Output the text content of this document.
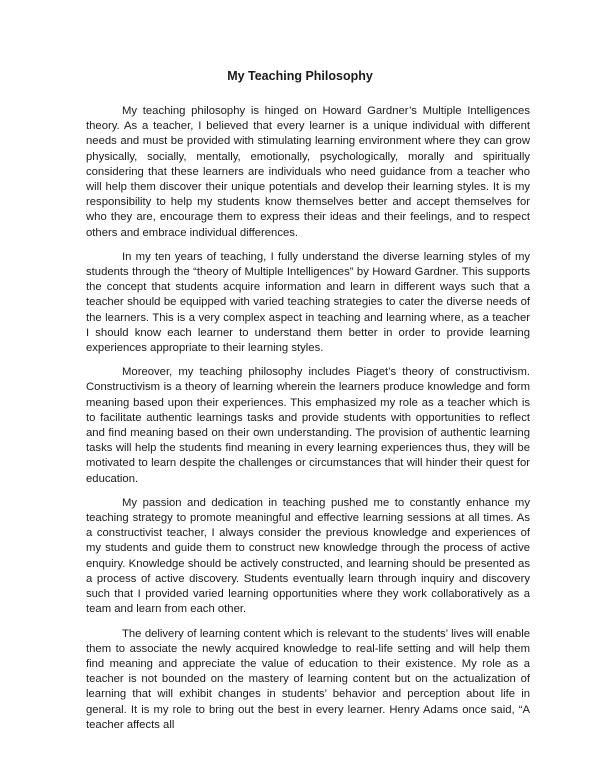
My Teaching Philosophy

My teaching philosophy is hinged on Howard Gardner’s Multiple Intelligences theory. As a teacher, I believed that every learner is a unique individual with different needs and must be provided with stimulating learning environment where they can grow physically, socially, mentally, emotionally, psychologically, morally and spiritually considering that these learners are individuals who need guidance from a teacher who will help them discover their unique potentials and develop their learning styles. It is my responsibility to help my students know themselves better and accept themselves for who they are, encourage them to express their ideas and their feelings, and to respect others and embrace individual differences.

In my ten years of teaching, I fully understand the diverse learning styles of my students through the “theory of Multiple Intelligences” by Howard Gardner. This supports the concept that students acquire information and learn in different ways such that a teacher should be equipped with varied teaching strategies to cater the diverse needs of the learners. This is a very complex aspect in teaching and learning where, as a teacher I should know each learner to understand them better in order to provide learning experiences appropriate to their learning styles.

Moreover, my teaching philosophy includes Piaget’s theory of constructivism. Constructivism is a theory of learning wherein the learners produce knowledge and form meaning based upon their experiences. This emphasized my role as a teacher which is to facilitate authentic learnings tasks and provide students with opportunities to reflect and find meaning based on their own understanding. The provision of authentic learning tasks will help the students find meaning in every learning experiences thus, they will be motivated to learn despite the challenges or circumstances that will hinder their quest for education.

My passion and dedication in teaching pushed me to constantly enhance my teaching strategy to promote meaningful and effective learning sessions at all times. As a constructivist teacher, I always consider the previous knowledge and experiences of my students and guide them to construct new knowledge through the process of active enquiry. Knowledge should be actively constructed, and learning should be presented as a process of active discovery. Students eventually learn through inquiry and discovery such that I provided varied learning opportunities where they work collaboratively as a team and learn from each other.

The delivery of learning content which is relevant to the students’ lives will enable them to associate the newly acquired knowledge to real-life setting and will help them find meaning and appreciate the value of education to their existence. My role as a teacher is not bounded on the mastery of learning content but on the actualization of learning that will exhibit changes in students’ behavior and perception about life in general. It is my role to bring out the best in every learner. Henry Adams once said, “A teacher affects all
